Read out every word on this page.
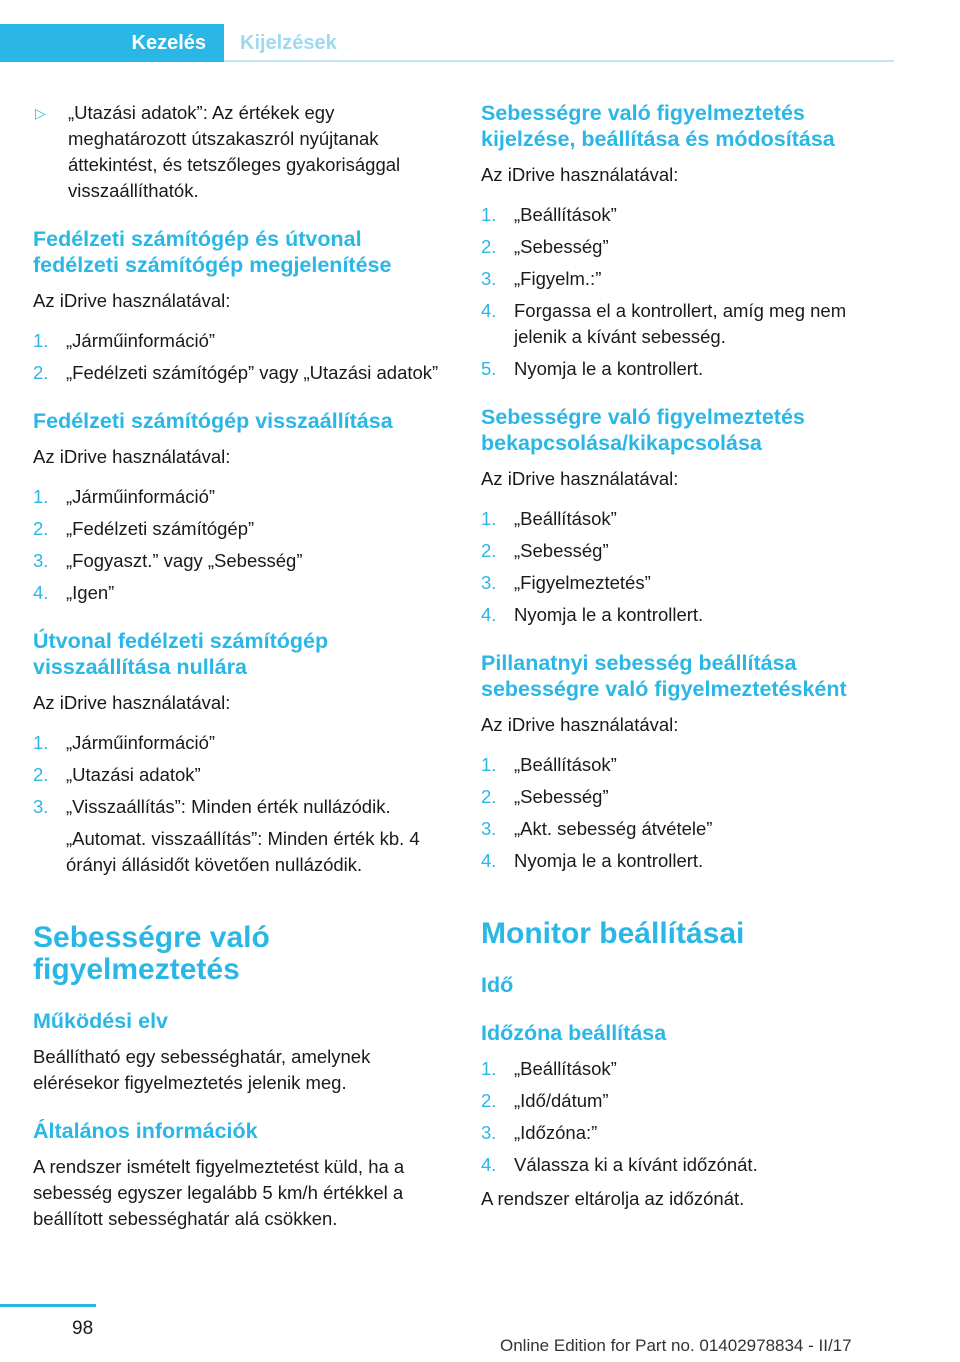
Kezelés	Kijelzések
▷	„Utazási adatok”: Az értékek egy meghatározott útszakaszról nyújtanak áttekintést, és tetszőleges gyakorisággal visszaállíthatók.
Fedélzeti számítógép és útvonal fedélzeti számítógép megjelenítése

Az iDrive használatával:

1. „Járműinformáció”
2. „Fedélzeti számítógép” vagy „Utazási adatok”
Fedélzeti számítógép visszaállítása

Az iDrive használatával:

1. „Járműinformáció”
2. „Fedélzeti számítógép”
3. „Fogyaszt.” vagy „Sebesség”
4. „Igen”
Útvonal fedélzeti számítógép visszaállítása nullára

Az iDrive használatával:

1. „Járműinformáció”
2. „Utazási adatok”
3. „Visszaállítás”: Minden érték nullázódik.
„Automat. visszaállítás”: Minden érték kb. 4 órányi állásidőt követően nullázódik.
Sebességre való figyelmeztetés
Működési elv

Beállítható egy sebességhatár, amelynek elérésekor figyelmeztetés jelenik meg.

Általános információk

A rendszer ismételt figyelmeztetést küld, ha a sebesség egyszer legalább 5 km/h értékkel a beállított sebességhatár alá csökken.

Sebességre való figyelmeztetés kijelzése, beállítása és módosítása

Az iDrive használatával:

1. „Beállítások”
2. „Sebesség”
3. „Figyelm.:”
4. Forgassa el a kontrollert, amíg meg nem jelenik a kívánt sebesség.
5. Nyomja le a kontrollert.
Sebességre való figyelmeztetés bekapcsolása/kikapcsolása

Az iDrive használatával:

1. „Beállítások”
2. „Sebesség”
3. „Figyelmeztetés”
4. Nyomja le a kontrollert.
Pillanatnyi sebesség beállítása sebességre való figyelmeztetésként

Az iDrive használatával:

1. „Beállítások”
2. „Sebesség”
3. „Akt. sebesség átvétele”
4. Nyomja le a kontrollert.
Monitor beállításai
Idő
Időzóna beállítása
1. „Beállítások”
2. „Idő/dátum”
3. „Időzóna:”
4. Válassza ki a kívánt időzónát.

A rendszer eltárolja az időzónát.

98
Online Edition for Part no. 01402978834 - II/17
